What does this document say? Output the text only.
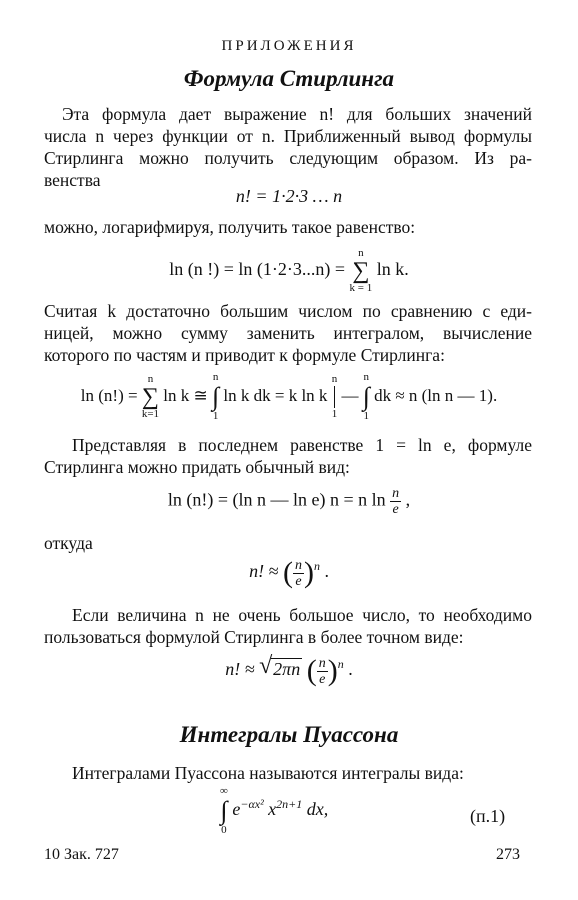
ПРИЛОЖЕНИЯ
Формула Стирлинга
Эта формула дает выражение n! для больших значений
числа n через функции от n. Приближенный вывод формулы
Стирлинга можно получить следующим образом. Из ра-
венства
n! = 1·2·3 … n
можно, логарифмируя, получить такое равенство:
ln (n !) = ln (1·2·3...n) =
n
∑
k = 1
ln k.
Считая k достаточно большим числом по сравнению с еди-
ницей, можно сумму заменить интегралом, вычисление
которого по частям и приводит к формуле Стирлинга:
ln (n!) =
n
∑
k=1
ln k ≅
n
∫
1
ln k dk = k ln k
n
1
—
n
∫
1
dk ≈ n (ln n — 1).
Представляя в последнем равенстве 1 = ln e, формуле
Стирлинга можно придать обычный вид:
ln (n!) = (ln n — ln e) n = n $\ln \frac{n}{e}$ ,
откуда
n! ≈ ( $\frac{n}{e} )^n$ .
Если величина n не очень большое число, то необходимо
пользоваться формулой Стирлинга в более точном виде:
n! ≈ √ 2πn ( $\frac{n}{e} )^n$ .
Интегралы Пуассона
Интегралами Пуассона называются интегралы вида:
∞
∫
0
$e^{-\alpha x^2}$ $x^{2n+1}$ dx,	(п.1)
10 Зак. 727	273
